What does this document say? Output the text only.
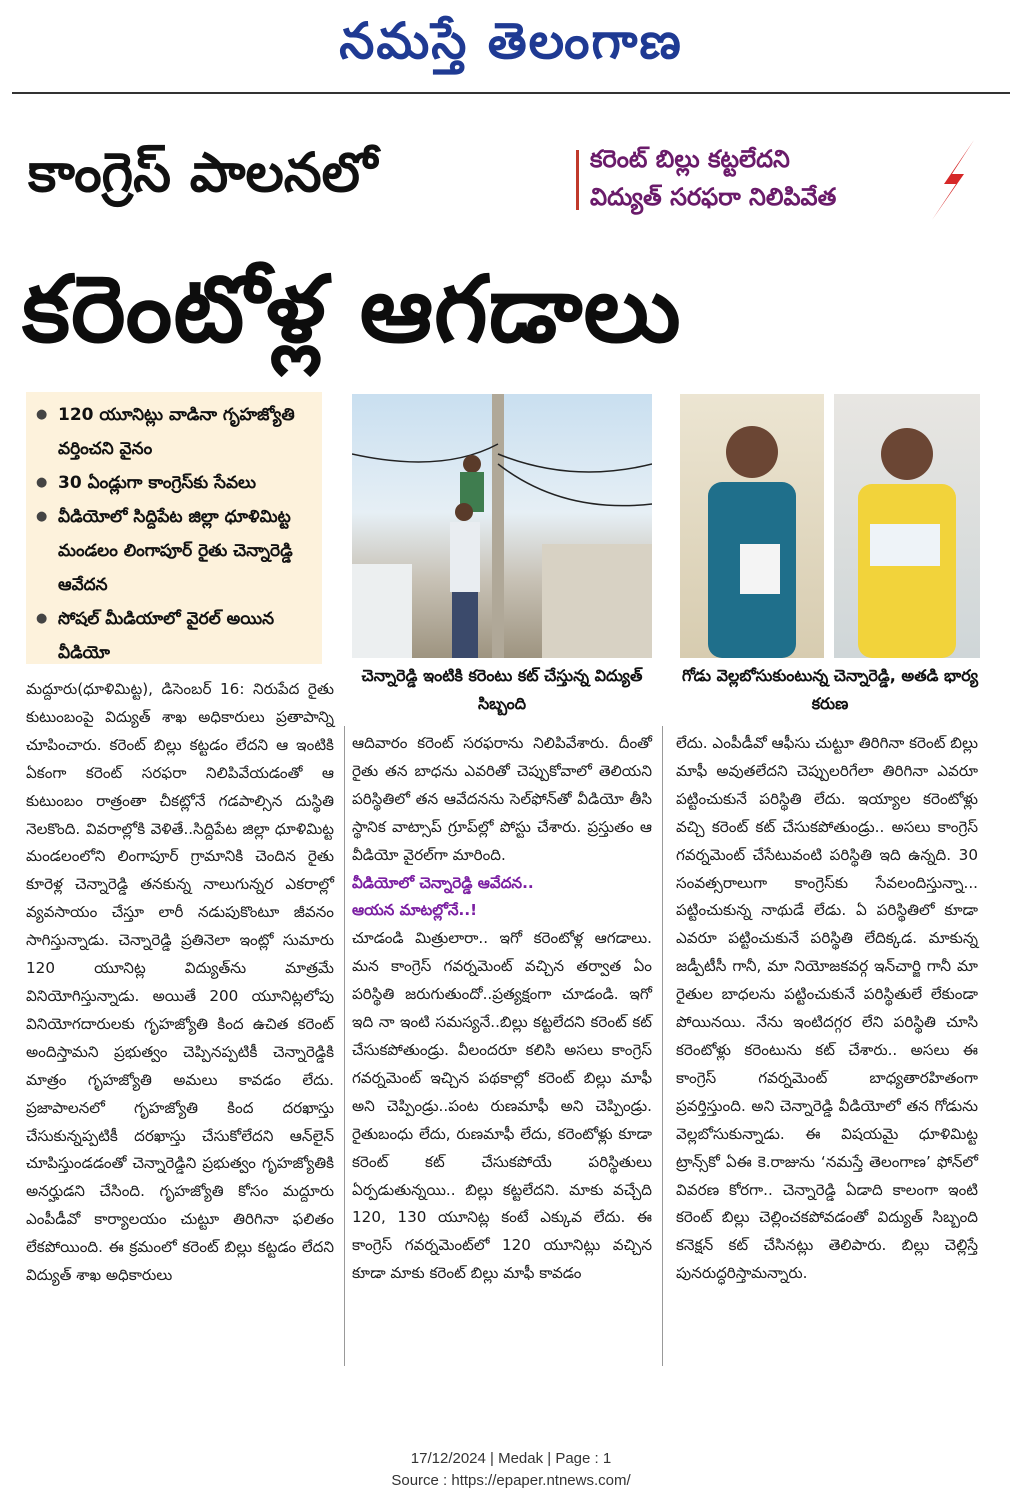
నమస్తే తెలంగాణ
కాంగ్రెస్ పాలనలో	కరెంట్ బిల్లు కట్టలేదని
విద్యుత్ సరఫరా నిలిపివేత
కరెంటోళ్ల ఆగడాలు
● 120 యూనిట్లు వాడినా గృహజ్యోతి వర్తించని వైనం
● 30 ఏండ్లుగా కాంగ్రెస్‌కు సేవలు
● వీడియోలో సిద్దిపేట జిల్లా ధూళిమిట్ట మండలం లింగాపూర్ రైతు చెన్నారెడ్డి ఆవేదన
● సోషల్ మీడియాలో వైరల్ అయిన వీడియో
చెన్నారెడ్డి ఇంటికి కరెంటు కట్ చేస్తున్న విద్యుత్ సిబ్బంది
గోడు వెల్లబోసుకుంటున్న చెన్నారెడ్డి, అతడి భార్య కరుణ

మద్దూరు(ధూళిమిట్ట), డిసెంబర్ 16: నిరుపేద రైతు కుటుంబంపై విద్యుత్ శాఖ అధికారులు ప్రతాపాన్ని చూపించారు. కరెంట్ బిల్లు కట్టడం లేదని ఆ ఇంటికి ఏకంగా కరెంట్ సరఫరా నిలిపివేయడంతో ఆ కుటుంబం రాత్రంతా చీకట్లోనే గడపాల్సిన దుస్థితి నెలకొంది. వివరాల్లోకి వెళితే..సిద్దిపేట జిల్లా ధూళిమిట్ట మండలంలోని లింగాపూర్ గ్రామానికి చెందిన రైతు కూరెళ్ల చెన్నారెడ్డి తనకున్న నాలుగున్నర ఎకరాల్లో వ్యవసాయం చేస్తూ లారీ నడుపుకొంటూ జీవనం సాగిస్తున్నాడు. చెన్నారెడ్డి ప్రతినెలా ఇంట్లో సుమారు 120 యూనిట్ల విద్యుత్‌ను మాత్రమే వినియోగిస్తున్నాడు. అయితే 200 యూనిట్లలోపు వినియోగదారులకు గృహజ్యోతి కింద ఉచిత కరెంట్ అందిస్తామని ప్రభుత్వం చెప్పినప్పటికీ చెన్నారెడ్డికి మాత్రం గృహజ్యోతి అమలు కావడం లేదు. ప్రజాపాలనలో గృహజ్యోతి కింద దరఖాస్తు చేసుకున్నప్పటికీ దరఖాస్తు చేసుకోలేదని ఆన్‌లైన్ చూపిస్తుండడంతో చెన్నారెడ్డిని ప్రభుత్వం గృహజ్యోతికి అనర్హుడని చేసింది. గృహజ్యోతి కోసం మద్దూరు ఎంపీడీవో కార్యాలయం చుట్టూ తిరిగినా ఫలితం లేకపోయింది. ఈ క్రమంలో కరెంట్ బిల్లు కట్టడం లేదని విద్యుత్ శాఖ అధికారులు

ఆదివారం కరెంట్ సరఫరాను నిలిపివేశారు. దీంతో రైతు తన బాధను ఎవరితో చెప్పుకోవాలో తెలియని పరిస్థితిలో తన ఆవేదనను సెల్‌ఫోన్‌తో వీడియో తీసి స్థానిక వాట్సాప్ గ్రూప్‌ల్లో పోస్టు చేశారు. ప్రస్తుతం ఆ వీడియో వైరల్‌గా మారింది.

వీడియోలో చెన్నారెడ్డి ఆవేదన..

ఆయన మాటల్లోనే..!

చూడండి మిత్రులారా.. ఇగో కరెంటోళ్ల ఆగడాలు. మన కాంగ్రెస్ గవర్నమెంట్ వచ్చిన తర్వాత ఏం పరిస్థితి జరుగుతుందో..ప్రత్యక్షంగా చూడండి. ఇగో ఇది నా ఇంటి సమస్యనే..బిల్లు కట్టలేదని కరెంట్ కట్ చేసుకపోతుండ్రు. వీలందరూ కలిసి అసలు కాంగ్రెస్ గవర్నమెంట్ ఇచ్చిన పథకాల్లో కరెంట్ బిల్లు మాఫీ అని చెప్పిండ్రు..పంట రుణమాఫీ అని చెప్పిండ్రు. రైతుబంధు లేదు, రుణమాఫీ లేదు, కరెంటోళ్లు కూడా కరెంట్ కట్ చేసుకపోయే పరిస్థితులు ఏర్పడుతున్నయి.. బిల్లు కట్టలేదని. మాకు వచ్చేది 120, 130 యూనిట్ల కంటే ఎక్కువ లేదు. ఈ కాంగ్రెస్ గవర్నమెంట్‌లో 120 యూనిట్లు వచ్చిన కూడా మాకు కరెంట్ బిల్లు మాఫీ కావడం

లేదు. ఎంపీడీవో ఆఫీసు చుట్టూ తిరిగినా కరెంట్ బిల్లు మాఫీ అవుతలేదని చెప్పులరిగేలా తిరిగినా ఎవరూ పట్టించుకునే పరిస్థితి లేదు. ఇయ్యాల కరెంటోళ్లు వచ్చి కరెంట్ కట్ చేసుకపోతుండ్రు.. అసలు కాంగ్రెస్ గవర్నమెంట్ చేసేటువంటి పరిస్థితి ఇది ఉన్నది. 30 సంవత్సరాలుగా కాంగ్రెస్‌కు సేవలందిస్తున్నా... పట్టించుకున్న నాథుడే లేడు. ఏ పరిస్థితిలో కూడా ఎవరూ పట్టించుకునే పరిస్థితి లేదిక్కడ. మాకున్న జడ్పీటీసీ గానీ, మా నియోజకవర్గ ఇన్‌చార్జి గానీ మా రైతుల బాధలను పట్టించుకునే పరిస్థితులే లేకుండా పోయినయి. నేను ఇంటిదగ్గర లేని పరిస్థితి చూసి కరెంటోళ్లు కరెంటును కట్ చేశారు.. అసలు ఈ కాంగ్రెస్ గవర్నమెంట్ బాధ్యతారహితంగా ప్రవర్తిస్తుంది. అని చెన్నారెడ్డి వీడియోలో తన గోడును వెల్లబోసుకున్నాడు. ఈ విషయమై ధూళిమిట్ట ట్రాన్స్‌కో ఏఈ కె.రాజును ‘నమస్తే తెలంగాణ’ ఫోన్‌లో వివరణ కోరగా.. చెన్నారెడ్డి ఏడాది కాలంగా ఇంటి కరెంట్ బిల్లు చెల్లించకపోవడంతో విద్యుత్ సిబ్బంది కనెక్షన్ కట్ చేసినట్లు తెలిపారు. బిల్లు చెల్లిస్తే పునరుద్ధరిస్తామన్నారు.

17/12/2024 | Medak | Page : 1
Source : https://epaper.ntnews.com/
